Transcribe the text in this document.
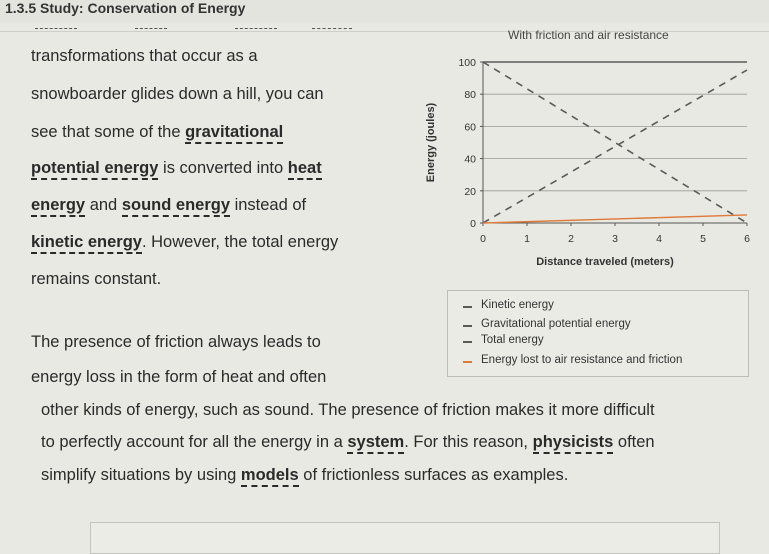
1.3.5 Study: Conservation of Energy
transformations that occur as a
snowboarder glides down a hill, you can
see that some of the gravitational
potential energy is converted into heat
energy and sound energy instead of
kinetic energy. However, the total energy
remains constant.
The presence of friction always leads to
energy loss in the form of heat and often
other kinds of energy, such as sound. The presence of friction makes it more difficult
to perfectly account for all the energy in a system. For this reason, physicists often
simplify situations by using models of frictionless surfaces as examples.
With friction and air resistance
0
20
40
60
80
100
0	1	2	3	4	5	6
Distance traveled (meters)
Energy (joules)
Kinetic energy
Gravitational potential energy
Total energy
Energy lost to air resistance and friction
